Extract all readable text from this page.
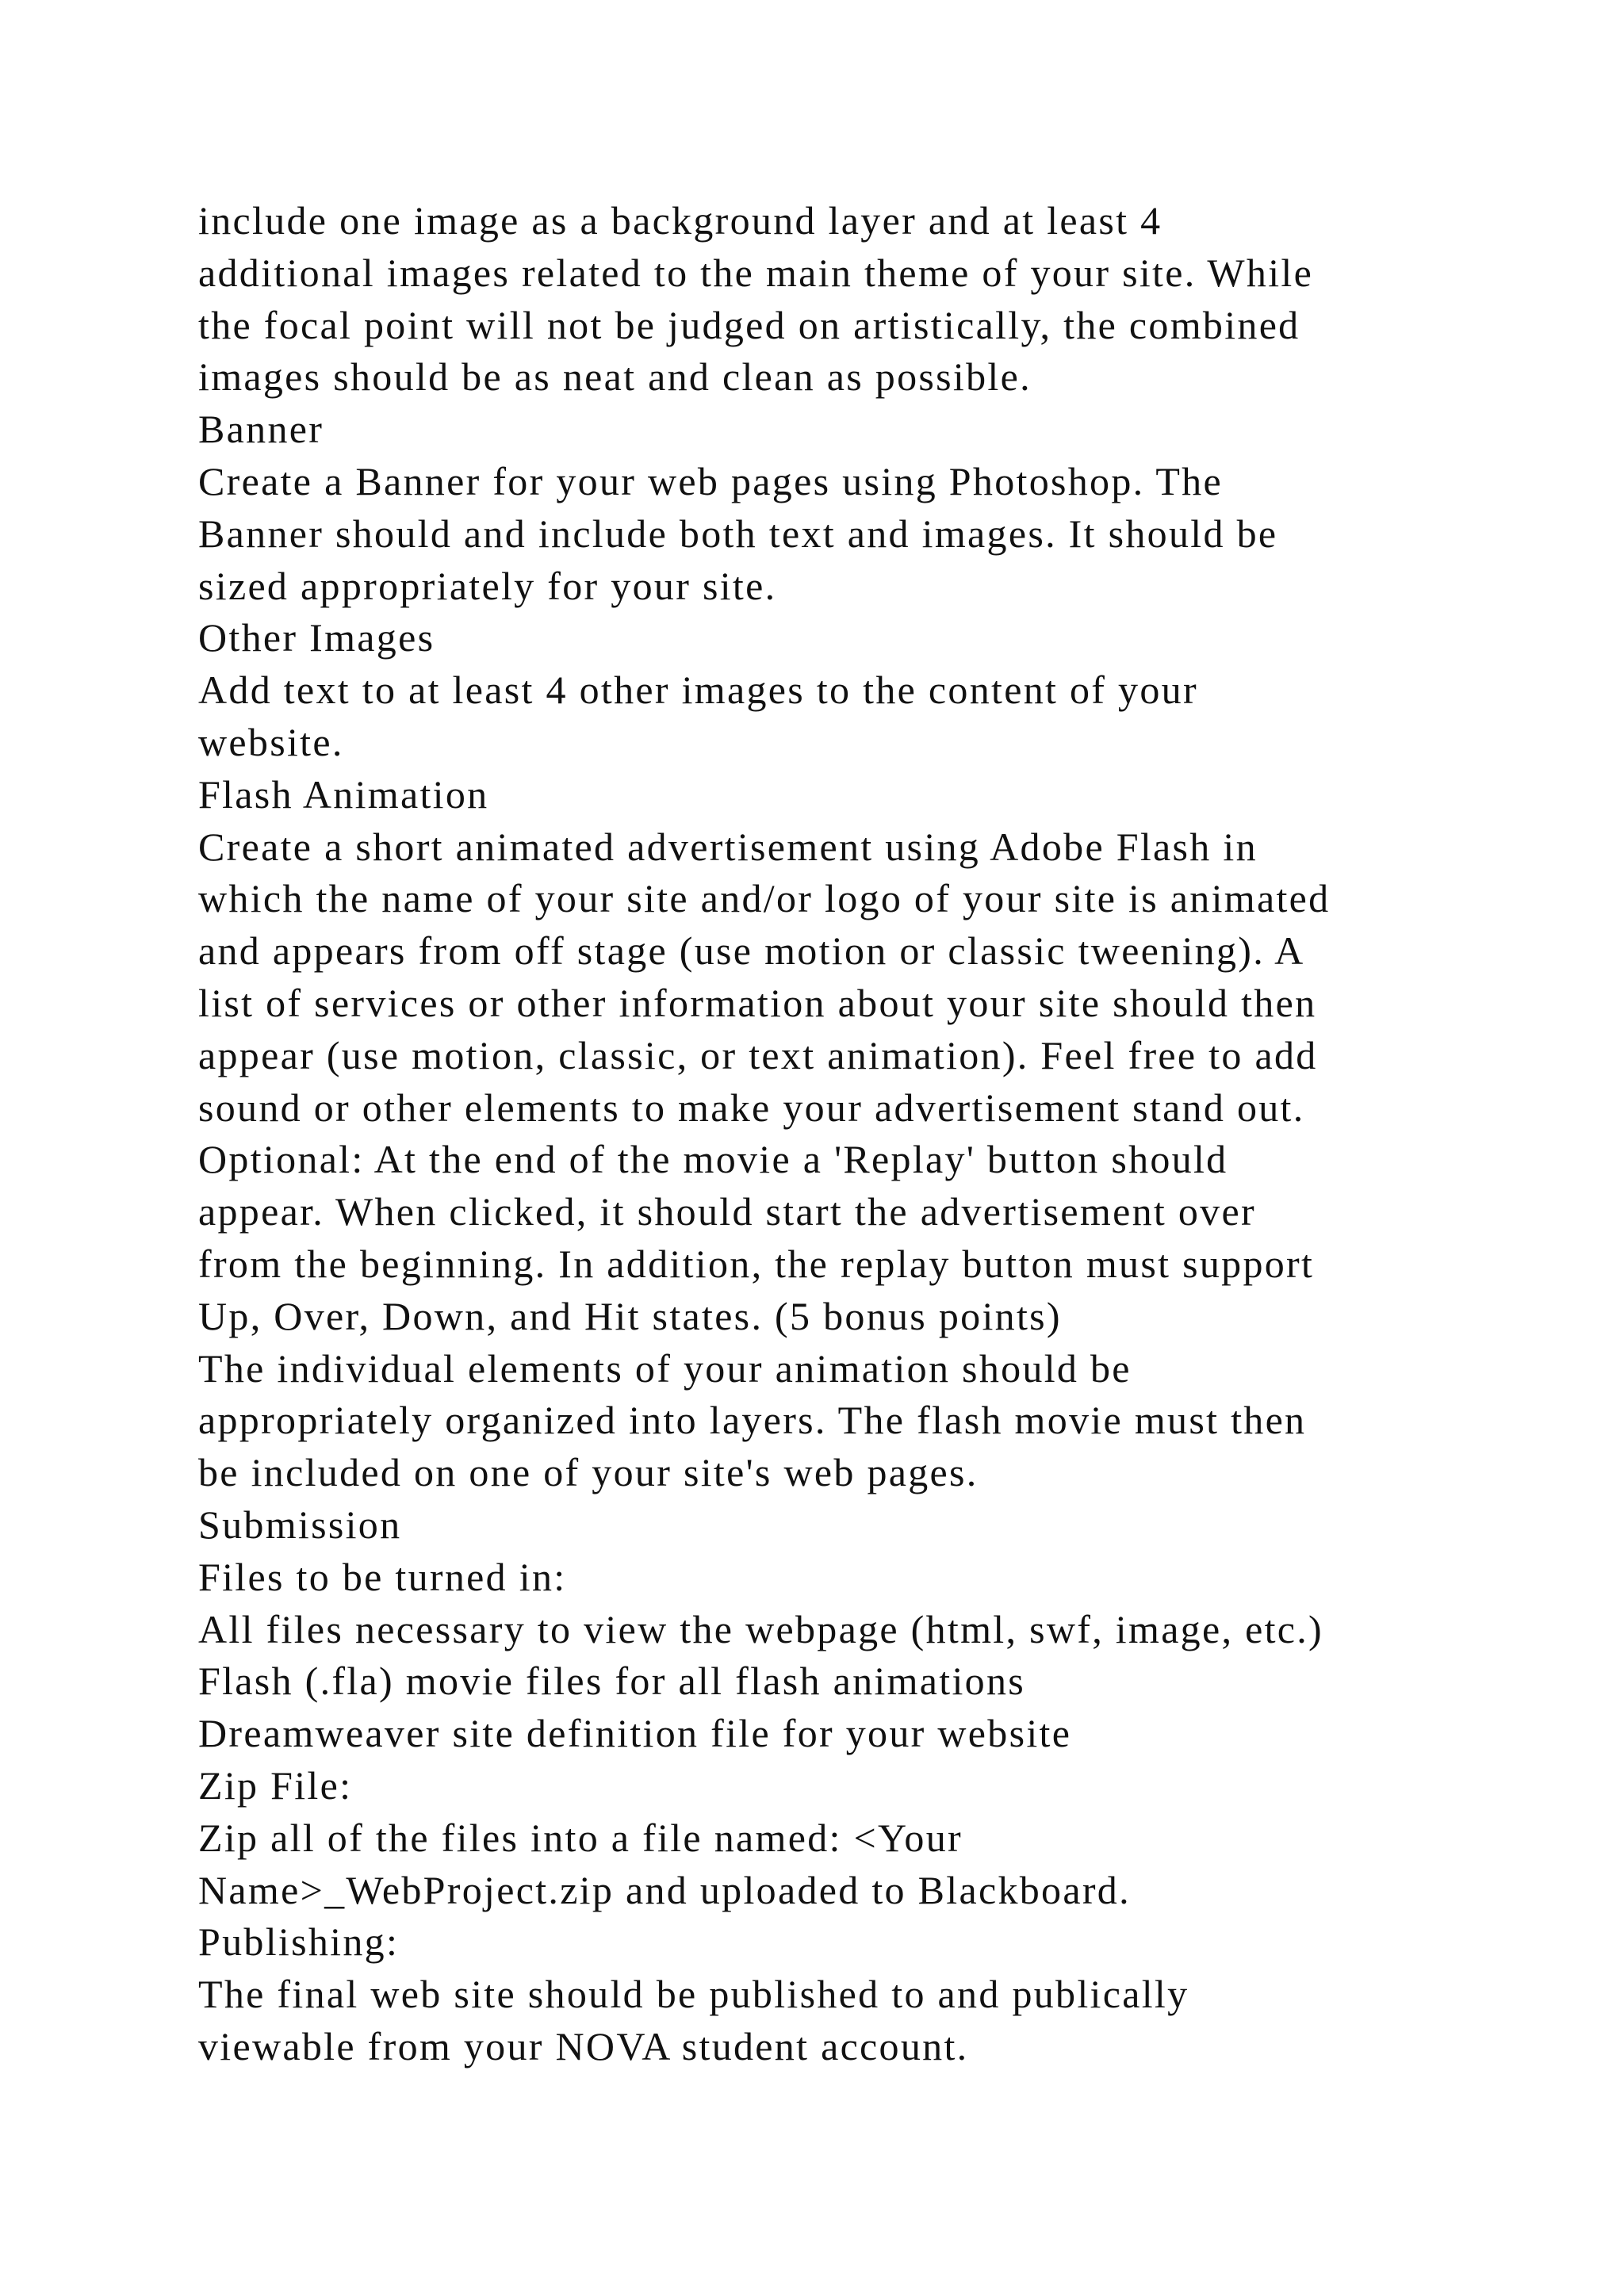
include one image as a background layer and at least 4
additional images related to the main theme of your site. While
the focal point will not be judged on artistically, the combined
images should be as neat and clean as possible.
Banner
Create a Banner for your web pages using Photoshop. The
Banner should and include both text and images. It should be
sized appropriately for your site.
Other Images
Add text to at least 4 other images to the content of your
website.
Flash Animation
Create a short animated advertisement using Adobe Flash in
which the name of your site and/or logo of your site is animated
and appears from off stage (use motion or classic tweening). A
list of services or other information about your site should then
appear (use motion, classic, or text animation). Feel free to add
sound or other elements to make your advertisement stand out.
Optional: At the end of the movie a 'Replay' button should
appear. When clicked, it should start the advertisement over
from the beginning. In addition, the replay button must support
Up, Over, Down, and Hit states. (5 bonus points)
The individual elements of your animation should be
appropriately organized into layers. The flash movie must then
be included on one of your site's web pages.
Submission
Files to be turned in:
All files necessary to view the webpage (html, swf, image, etc.)
Flash (.fla) movie files for all flash animations
Dreamweaver site definition file for your website
Zip File:
Zip all of the files into a file named: <Your
Name>_WebProject.zip and uploaded to Blackboard.
Publishing:
The final web site should be published to and publically
viewable from your NOVA student account.
